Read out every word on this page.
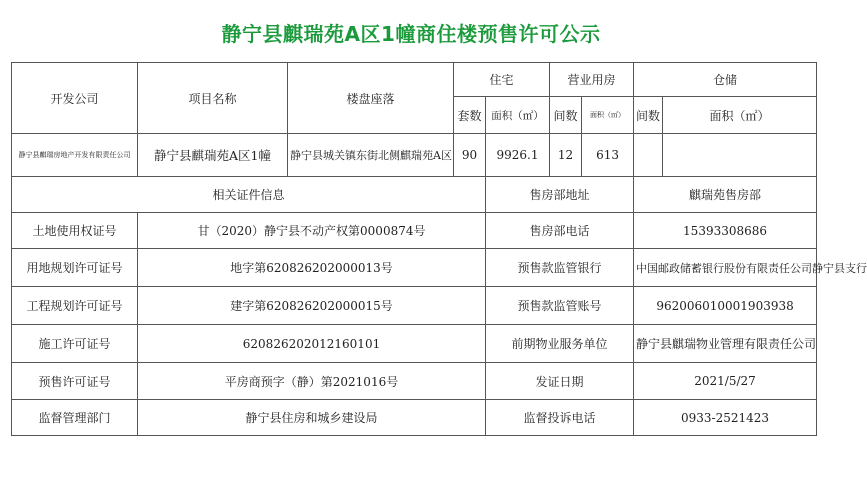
静宁县麒瑞苑A区1幢商住楼预售许可公示
开发公司	项目名称	楼盘座落	住宅		营业用房		仓储	
			套数	面积（㎡）	间数	面积（㎡）	间数	面积（㎡）
静宁县麒瑞房地产开发有限责任公司	静宁县麒瑞苑A区1幢	静宁县城关镇东街北侧麒瑞苑A区	90	9926.1	12	613		
相关证件信息				售房部地址			麒瑞苑售房部	
土地使用权证号	甘（2020）静宁县不动产权第0000874号			售房部电话			15393308686	
用地规划许可证号	地字第620826202000013号			预售款监管银行			中国邮政储蓄银行股份有限责任公司静宁县支行	
工程规划许可证号	建字第620826202000015号			预售款监管账号			962006010001903938	
施工许可证号	620826202012160101			前期物业服务单位			静宁县麒瑞物业管理有限责任公司	
预售许可证号	平房商预字（静）第2021016号			发证日期			2021/5/27	
监督管理部门	静宁县住房和城乡建设局			监督投诉电话			0933-2521423	
